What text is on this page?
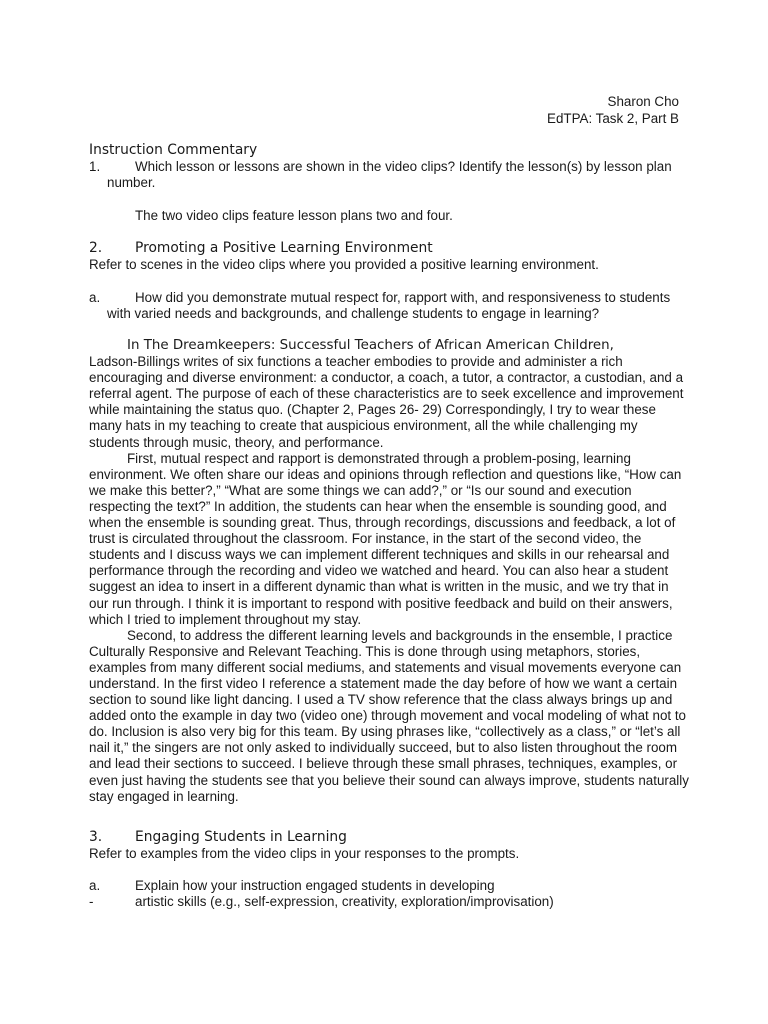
Sharon Cho
EdTPA: Task 2, Part B
Instruction Commentary
1.	Which lesson or lessons are shown in the video clips? Identify the lesson(s) by lesson plan number.

The two video clips feature lesson plans two and four.

2. Promoting a Positive Learning Environment

Refer to scenes in the video clips where you provided a positive learning environment.

a.	How did you demonstrate mutual respect for, rapport with, and responsiveness to students with varied needs and backgrounds, and challenge students to engage in learning?

In The Dreamkeepers: Successful Teachers of African American Children,

Ladson-Billings writes of six functions a teacher embodies to provide and administer a rich encouraging and diverse environment: a conductor, a coach, a tutor, a contractor, a custodian, and a referral agent. The purpose of each of these characteristics are to seek excellence and improvement while maintaining the status quo. (Chapter 2, Pages 26- 29) Correspondingly, I try to wear these many hats in my teaching to create that auspicious environment, all the while challenging my students through music, theory, and performance.

First, mutual respect and rapport is demonstrated through a problem-posing, learning environment. We often share our ideas and opinions through reflection and questions like, “How can we make this better?,” “What are some things we can add?,” or “Is our sound and execution respecting the text?” In addition, the students can hear when the ensemble is sounding good, and when the ensemble is sounding great. Thus, through recordings, discussions and feedback, a lot of trust is circulated throughout the classroom. For instance, in the start of the second video, the students and I discuss ways we can implement different techniques and skills in our rehearsal and performance through the recording and video we watched and heard. You can also hear a student suggest an idea to insert in a different dynamic than what is written in the music, and we try that in our run through. I think it is important to respond with positive feedback and build on their answers, which I tried to implement throughout my stay.

Second, to address the different learning levels and backgrounds in the ensemble, I practice Culturally Responsive and Relevant Teaching. This is done through using metaphors, stories, examples from many different social mediums, and statements and visual movements everyone can understand. In the first video I reference a statement made the day before of how we want a certain section to sound like light dancing. I used a TV show reference that the class always brings up and added onto the example in day two (video one) through movement and vocal modeling of what not to do. Inclusion is also very big for this team. By using phrases like, “collectively as a class,” or “let’s all nail it,” the singers are not only asked to individually succeed, but to also listen throughout the room and lead their sections to succeed. I believe through these small phrases, techniques, examples, or even just having the students see that you believe their sound can always improve, students naturally stay engaged in learning.

3. Engaging Students in Learning

Refer to examples from the video clips in your responses to the prompts.

a.	Explain how your instruction engaged students in developing
-	artistic skills (e.g., self-expression, creativity, exploration/improvisation)
